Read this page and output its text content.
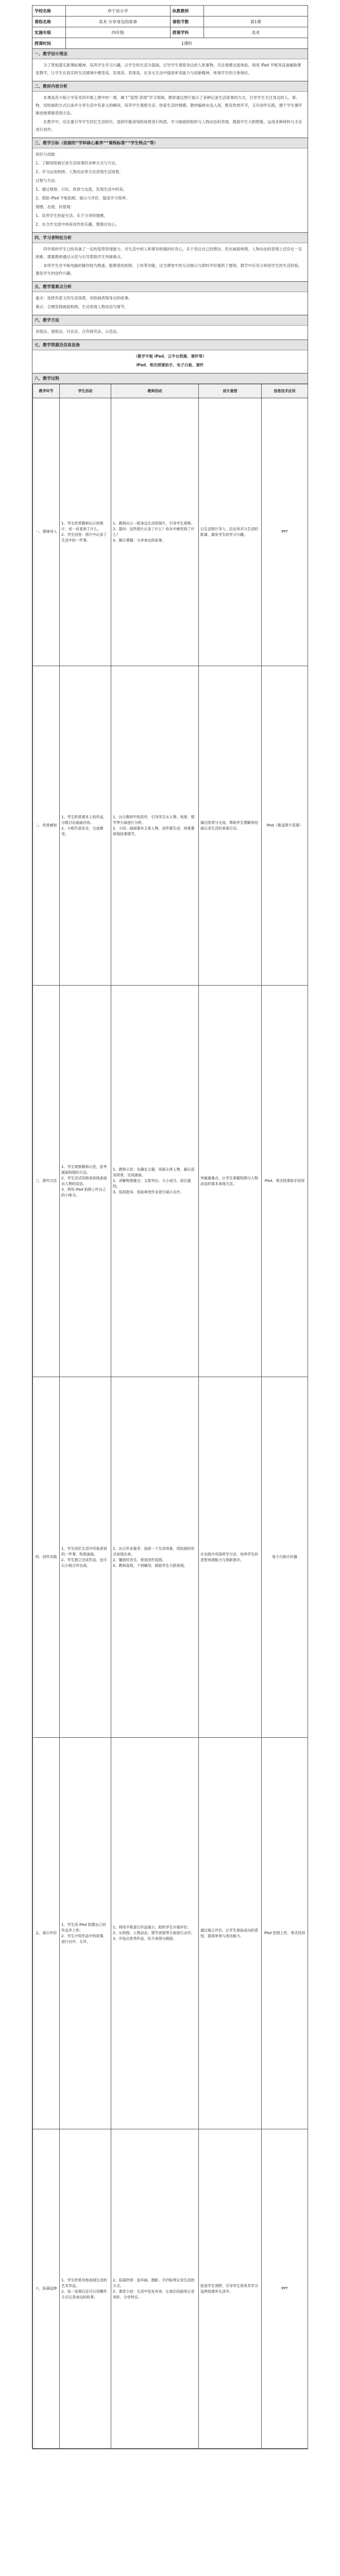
学校名称	阜宁县小学	执教教师	
课程名称	美术·分享身边的故事	课程节数	第1课
实施年级	四年级	授课学科	美术
授课时间	1课时		
一、教学设计理念

为了贯彻落实新课标精神，培养学生学习兴趣，以学生的生活为基础，引导学生观察身边的人和事物，关注情感交流体验。利用 iPad 平板等设备辅助课堂教学，让学生在真实的生活情境中感受美、发现美、表现美，在多元互动中提高审美能力与创新精神，体现学生的主体地位。

二、教材内容分析

本课是苏少版小学美术四年级上册中的一课，属于“造型·表现”学习领域。教材通过图片展示了多种记录生活故事的方式，引导学生关注身边的人、事、物，用绘画的方式记录并分享生活中有意义的瞬间，培养学生观察生活、热爱生活的情感。教材编排由浅入深，既有欣赏环节，又有创作实践，便于学生循序渐进地掌握表现方法。

在教学中，应注重引导学生回忆生活经历，选择印象深刻的场景进行构思，学习画面的组织与人物动态的表现，鼓励学生大胆想象，运用多种材料与手法进行创作。

三、教学目标（依据的“学科核心素养”“课程标准”“学生特点”等）

知识与技能：

1、了解用绘画记录生活故事的多种方式与方法。

2、学习运用构图、人物动态等方法表现生活场景。

过程与方法：

1、通过观察、讨论、欣赏与交流，发现生活中的美。

2、借助 iPad 平板拍照、展示与评价，提高学习效率。

情感、态度、价值观：

1、培养学生热爱生活、乐于分享的情感。

2、在合作交流中体验创作的乐趣，增强自信心。

四、学习者特征分析

四年级的学生已经具备了一定的造型表现能力，对生活中的人和事有较强的好奇心，乐于表达自己的想法。但在画面构图、人物动态的表现上还存在一定困难，需要教师通过示范与引导帮助学生突破难点。

本班学生对平板电脑的操作较为熟悉，能够使用拍照、上传等功能，这为课堂中的互动展示与即时评价提供了便利。教学中应充分利用学生的生活经验，激发学生的创作兴趣。

五、教学重难点分析

重点：选择有意义的生活场景，用绘画表现身边的故事。

难点：合理安排画面构图，生动表现人物动态与情节。

六、教学方法

讲授法、观察法、讨论法、合作探究法、示范法。

七、教学资源及信息设备

（教学平板 iPad、云平台资源、课件等）

iPad、希沃授课助手、电子白板、课件

八、教学过程
教学环节	学生活动	教师活动	设计意图	信息技术应用
一、情境导入	1、学生欣赏教师出示的图片，说一说看到了什么。
2、学生回答：图片中记录了生活中的一件事。	1、教师出示一组身边生活的照片，引导学生观察。
2、提问：这些照片记录了什么？你从中感受到了什么？
3、揭示课题：分享身边的故事。	以生活照片导入，拉近美术与生活的距离，激发学生的学习兴趣。	PPT
二、欣赏感知	1、学生欣赏课本上的作品，分组讨论画面内容。
2、小组代表发言，交流感受。	1、出示教材中的范作，引导学生从人物、场景、情节等方面进行分析。
2、小结：画面要有主体人物，动作要生动，场景要体现故事情节。	通过欣赏与交流，帮助学生理解用绘画记录生活的表现方法。	iPad（推送图片资源）
三、探究方法	1、学生观察教师示范，思考画面构图的方法。
2、学生尝试用简单的线条画出人物的动态。
3、利用 iPad 拍照上传自己的小练习。	1、教师示范：先确定主题，再画主体人物，最后添加背景，完成画面。
2、讲解构图要点：主体突出、大小适当、前后遮挡。
3、巡视指导，选取典型作业进行展示点评。	突破重难点，让学生掌握构图与人物动态的基本表现方法。	iPad、希沃授课助手投屏
四、创作实践	1、学生回忆生活中印象深刻的一件事，构思画面。
2、学生独立完成作品，也可以小组合作完成。	1、出示作业要求：选择一个生活场景，用绘画的形式表现出来。
2、播放轻音乐，营造创作氛围。
3、教师巡视，个别辅导，鼓励学生大胆表现。	在实践中巩固所学方法，培养学生的造型表现能力与创新意识。	电子白板计时器
五、展示评价	1、学生用 iPad 拍摄自己的作品并上传。
2、学生介绍作品中的故事，进行自评、互评。	1、利用平板进行作品展示，组织学生开展评价。
2、从构图、人物动态、情节表现等方面进行点评。
3、评选出优秀作品，给予表扬与鼓励。	通过展示评价，让学生体验成功的喜悦，提高审美与表达能力。	iPad 拍照上传、希沃投屏
六、拓展延伸	1、学生欣赏其他表现生活的艺术作品。
2、说一说课后还可以用哪些方式记录身边的故事。	1、拓展欣赏：连环画、摄影、手抄报等记录生活的方式。
2、课堂小结：生活中处处有美，让我们用画笔记录美好，分享快乐。	拓宽学生视野，引导学生将美术学习延伸到课外生活中。	PPT
